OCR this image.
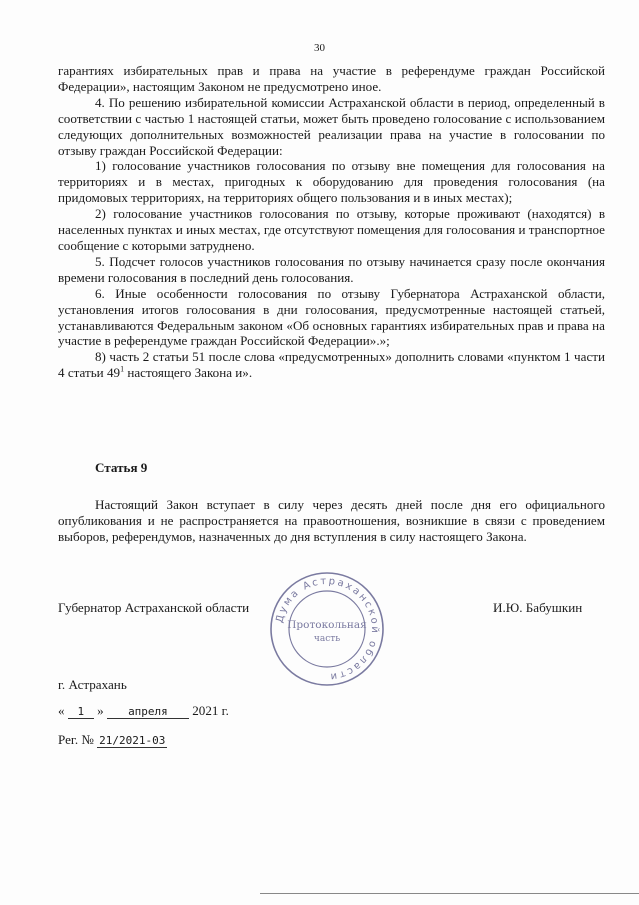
30

гарантиях избирательных прав и права на участие в референдуме граждан Российской Федерации», настоящим Законом не предусмотрено иное.

4. По решению избирательной комиссии Астраханской области в период, определенный в соответствии с частью 1 настоящей статьи, может быть проведено голосование с использованием следующих дополнительных возможностей реализации права на участие в голосовании по отзыву граждан Российской Федерации:

1) голосование участников голосования по отзыву вне помещения для голосования на территориях и в местах, пригодных к оборудованию для проведения голосования (на придомовых территориях, на территориях общего пользования и в иных местах);

2) голосование участников голосования по отзыву, которые проживают (находятся) в населенных пунктах и иных местах, где отсутствуют помещения для голосования и транспортное сообщение с которыми затруднено.

5. Подсчет голосов участников голосования по отзыву начинается сразу после окончания времени голосования в последний день голосования.

6. Иные особенности голосования по отзыву Губернатора Астраханской области, установления итогов голосования в дни голосования, предусмотренные настоящей статьей, устанавливаются Федеральным законом «Об основных гарантиях избирательных прав и права на участие в референдуме граждан Российской Федерации».»;

8) часть 2 статьи 51 после слова «предусмотренных» дополнить словами «пунктом 1 части 4 статьи $49^1$ настоящего Закона и».

Статья 9

Настоящий Закон вступает в силу через десять дней после дня его официального опубликования и не распространяется на правоотношения, возникшие в связи с проведением выборов, референдумов, назначенных до дня вступления в силу настоящего Закона.

Губернатор Астраханской области	И.Ю. Бабушкин
Дума Астраханской области
Протокольная
часть
г. Астрахань
« 1 » апреля 2021 г.
Рег. № 21/2021-03
